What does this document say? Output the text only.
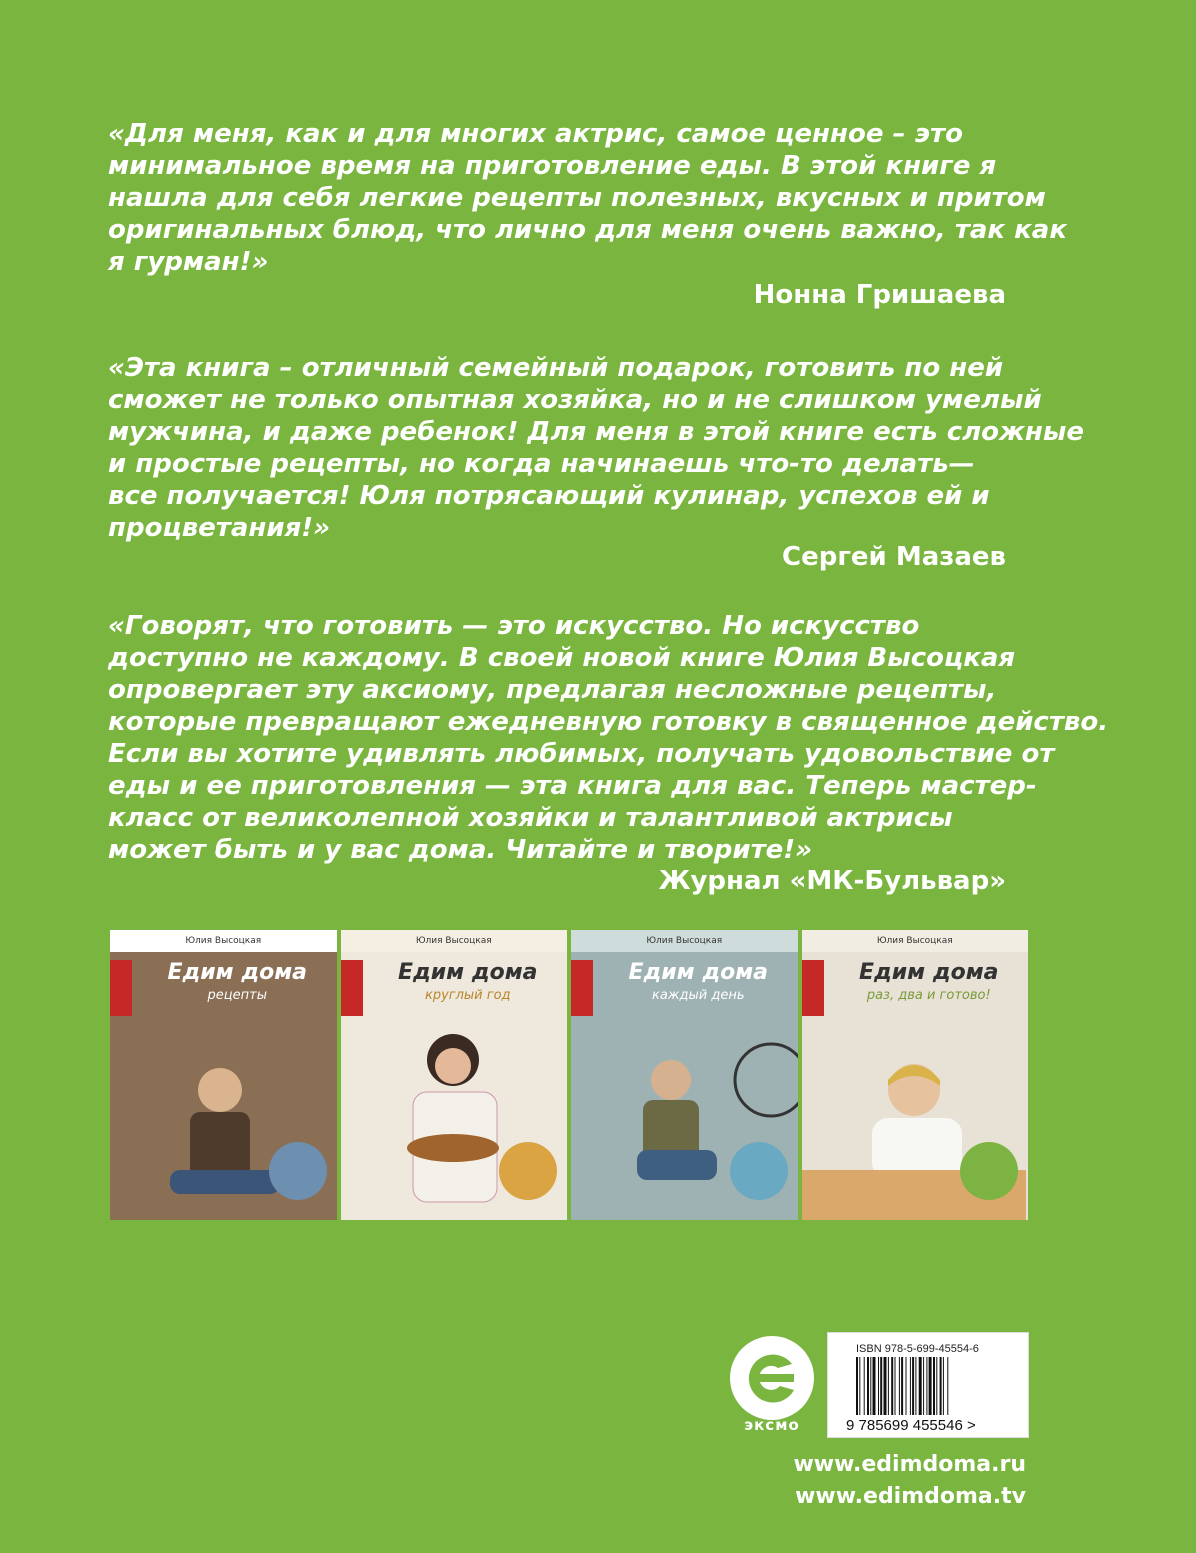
«Для меня, как и для многих актрис, самое ценное – это

минимальное время на приготовление еды. В этой книге я

нашла для себя легкие рецепты полезных, вкусных и притом

оригинальных блюд, что лично для меня очень важно, так как

я гурман!»

Нонна Гришаева

«Эта книга – отличный семейный подарок, готовить по ней

сможет не только опытная хозяйка, но и не слишком умелый

мужчина, и даже ребенок! Для меня в этой книге есть сложные

и простые рецепты, но когда начинаешь что-то делать—

все получается! Юля потрясающий кулинар, успехов ей и

процветания!»

Сергей Мазаев

«Говорят, что готовить — это искусство. Но искусство

доступно не каждому. В своей новой книге Юлия Высоцкая

опровергает эту аксиому, предлагая несложные рецепты,

которые превращают ежедневную готовку в священное действо.

Если вы хотите удивлять любимых, получать удовольствие от

еды и ее приготовления — эта книга для вас. Теперь мастер-

класс от великолепной хозяйки и талантливой актрисы

может быть и у вас дома. Читайте и творите!»

Журнал «МК-Бульвар»
Юлия Высоцкая
Едим дома
рецепты
Юлия Высоцкая
Едим дома
круглый год
Юлия Высоцкая
Едим дома
каждый день
Юлия Высоцкая
Едим дома
раз, два и готово!
эксмо
ISBN 978-5-699-45554-6
9 785699 455546 >
www.edimdoma.ru
www.edimdoma.tv
